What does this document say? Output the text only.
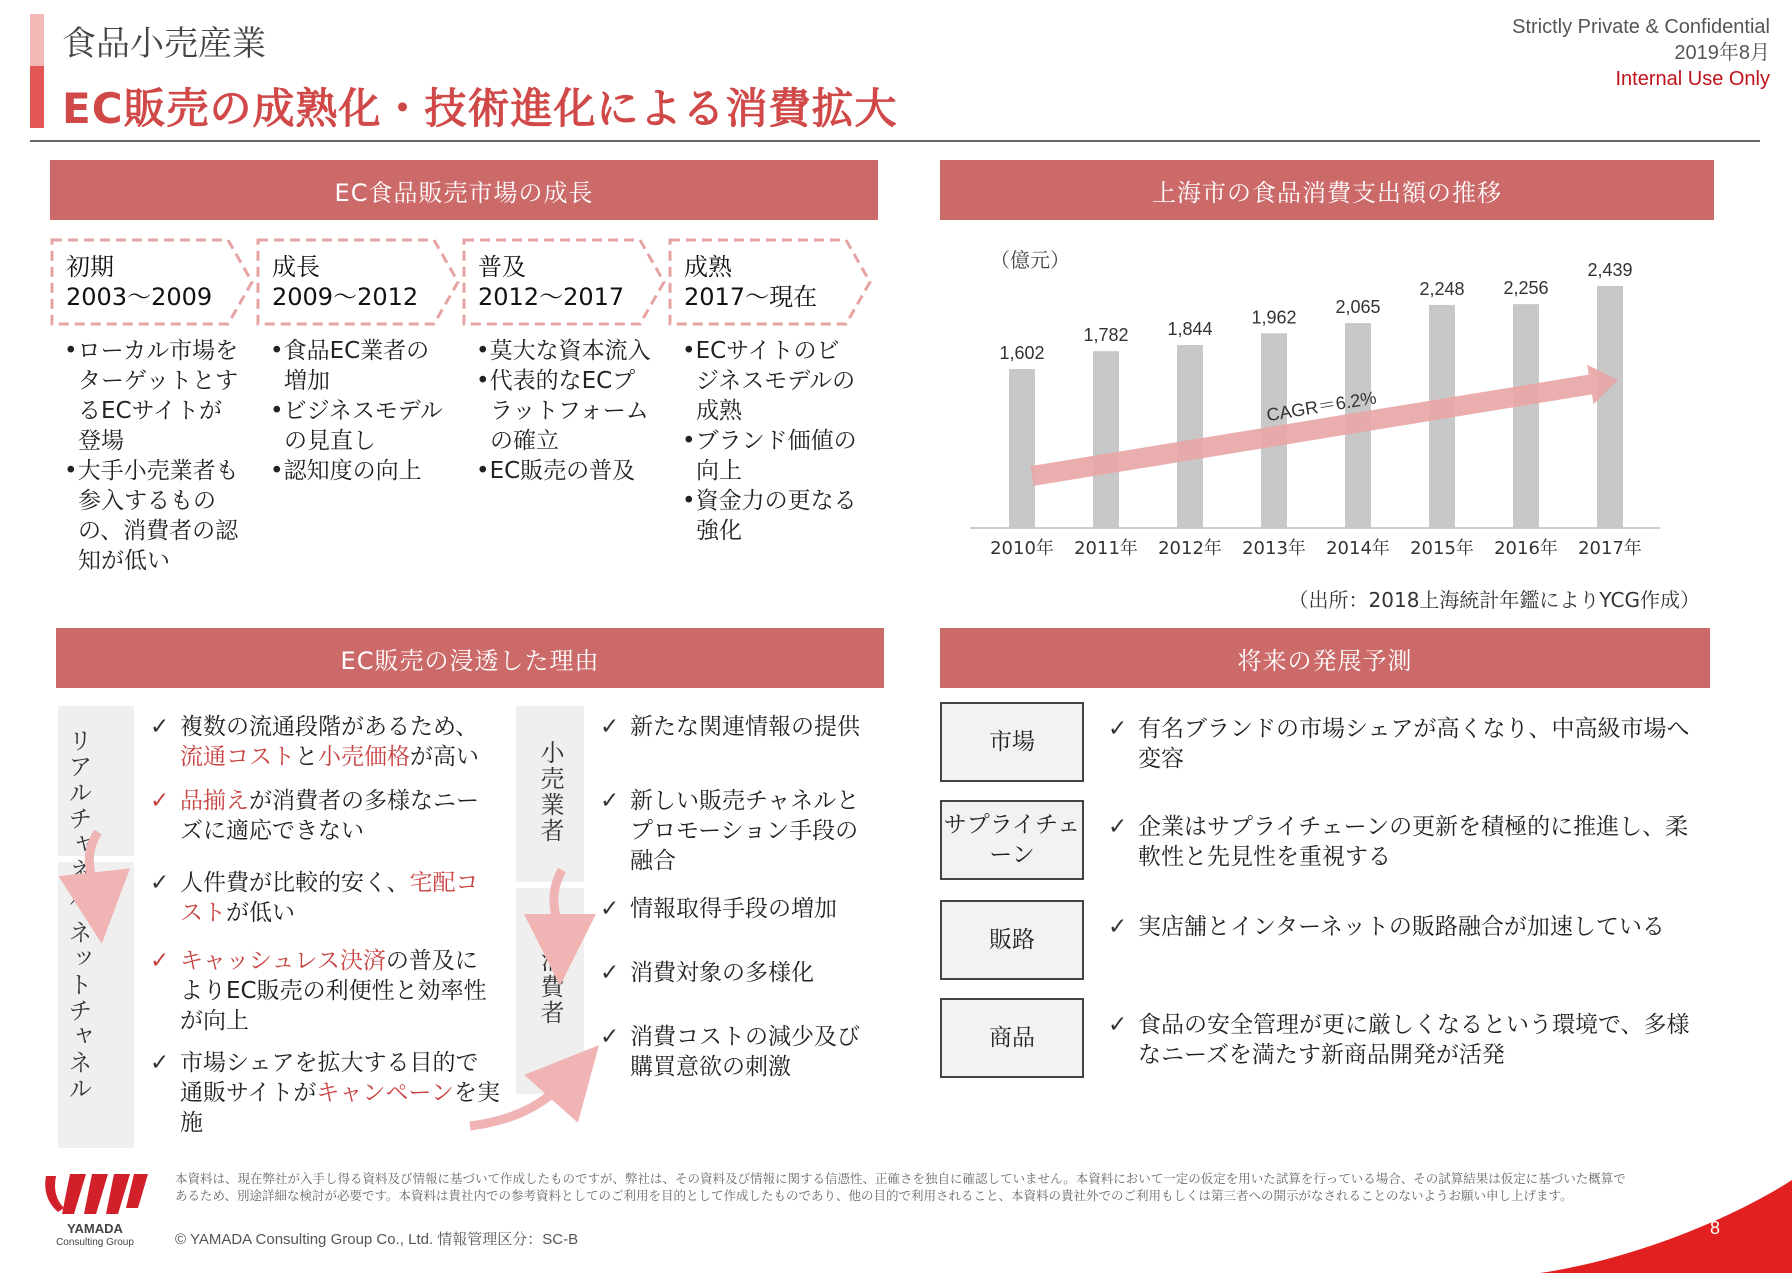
食品小売産業
EC販売の成熟化・技術進化による消費拡大
Strictly Private & Confidential
2019年8月
Internal Use Only
EC食品販売市場の成長
初期
2003～2009
•ローカル市場をターゲットとするECサイトが登場
•大手小売業者も参入するものの、消費者の認知が低い
成長
2009～2012
•食品EC業者の増加
•ビジネスモデルの見直し
•認知度の向上
普及
2012～2017
•莫大な資本流入
•代表的なECプラットフォームの確立
•EC販売の普及
成熟
2017～現在
•ECサイトのビジネスモデルの成熟
•ブランド価値の向上
•資金力の更なる強化
上海市の食品消費支出額の推移
（億元）
1,602
2010年
1,782
2011年
1,844
2012年
1,962
2013年
2,065
2014年
2,248
2015年
2,256
2016年
2,439
2017年
CAGR＝6.2%
（出所：2018上海統計年鑑によりYCG作成）
EC販売の浸透した理由
リアルチャネル
ネットチャネル
小売業者
消費者
✓ 複数の流通段階があるため、流通コストと小売価格が高い
✓ 品揃えが消費者の多様なニーズに適応できない
✓ 人件費が比較的安く、宅配コストが低い
✓ キャッシュレス決済の普及によりEC販売の利便性と効率性が向上
✓ 市場シェアを拡大する目的で通販サイトがキャンペーンを実施
✓ 新たな関連情報の提供
✓ 新しい販売チャネルとプロモーション手段の融合
✓ 情報取得手段の増加
✓ 消費対象の多様化
✓ 消費コストの減少及び購買意欲の刺激
将来の発展予測
市場	✓ 有名ブランドの市場シェアが高くなり、中高級市場へ変容
サプライチェーン
✓ 企業はサプライチェーンの更新を積極的に推進し、柔軟性と先見性を重視する
販路	✓ 実店舗とインターネットの販路融合が加速している
商品	✓ 食品の安全管理が更に厳しくなるという環境で、多様なニーズを満たす新商品開発が活発
YAMADA
Consulting Group
本資料は、現在弊社が入手し得る資料及び情報に基づいて作成したものですが、弊社は、その資料及び情報に関する信憑性、正確さを独自に確認していません。本資料において一定の仮定を用いた試算を行っている場合、その試算結果は仮定に基づいた概算であるため、別途詳細な検討が必要です。本資料は貴社内での参考資料としてのご利用を目的として作成したものであり、他の目的で利用されること、本資料の貴社外でのご利用もしくは第三者への開示がなされることのないようお願い申し上げます。
© YAMADA Consulting Group Co., Ltd. 情報管理区分：SC-B
8
